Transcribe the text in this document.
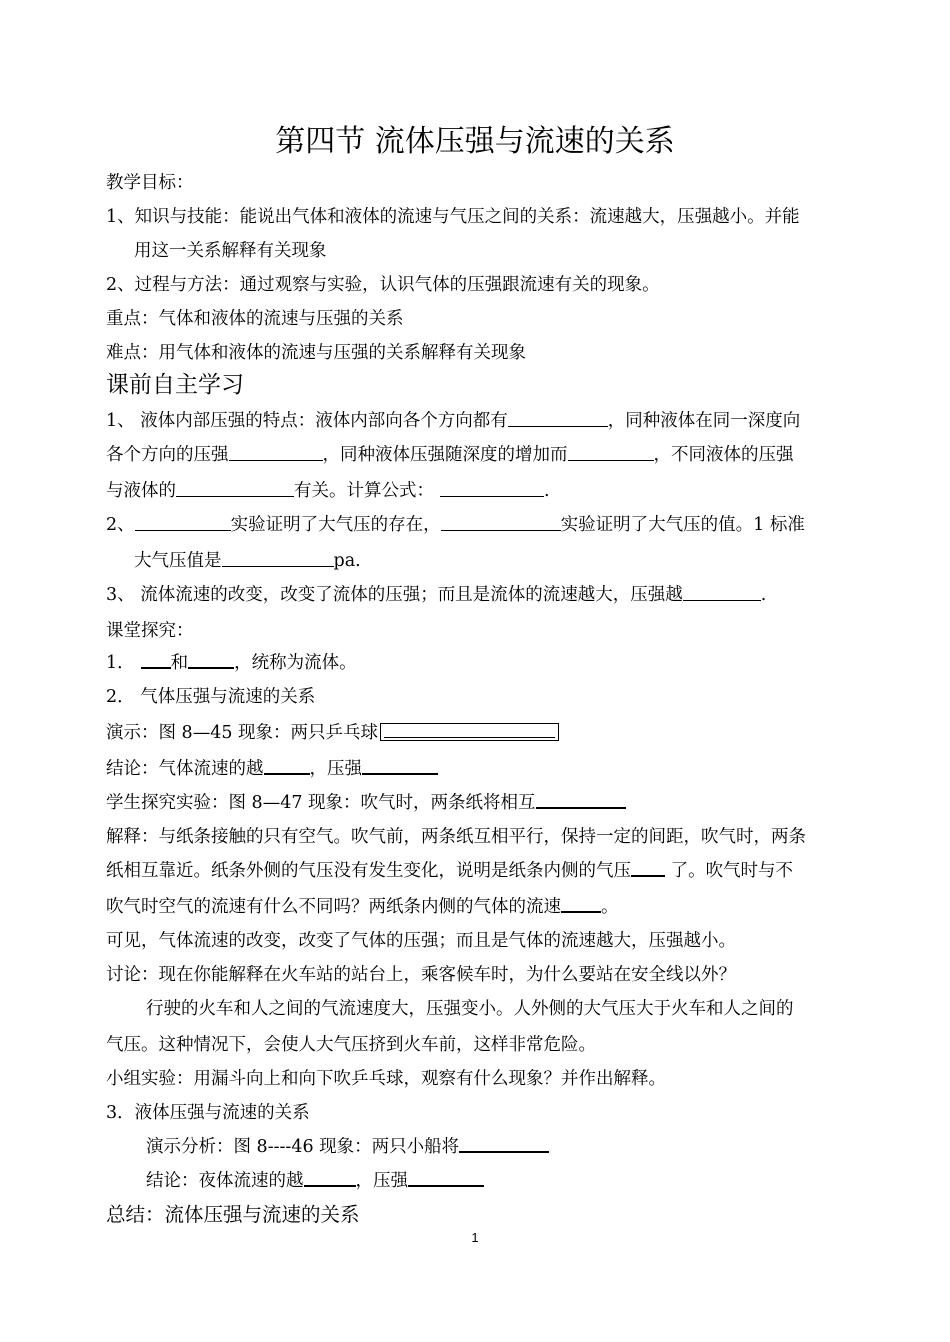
第四节 流体压强与流速的关系
教学目标：
1、知识与技能：能说出气体和液体的流速与气压之间的关系：流速越大，压强越小。并能
用这一关系解释有关现象
2、过程与方法：通过观察与实验，认识气体的压强跟流速有关的现象。
重点：气体和液体的流速与压强的关系
难点：用气体和液体的流速与压强的关系解释有关现象
课前自主学习
1、 液体内部压强的特点：液体内部向各个方向都有	，同种液体在同一深度向
各个方向的压强	，同种液体压强随深度的增加而	，不同液体的压强
与液体的	有关。计算公式：	.
2、	实验证明了大气压的存在，	实验证明了大气压的值。1 标准
大气压值是	pa.
3、 流体流速的改变，改变了流体的压强；而且是流体的流速越大，压强越	.
课堂探究：
1． 和	，统称为流体。
2． 气体压强与流速的关系
演示：图 8—45 现象：两只乒乓球
结论：气体流速的越	，压强
学生探究实验：图 8—47 现象：吹气时，两条纸将相互
解释：与纸条接触的只有空气。吹气前，两条纸互相平行，保持一定的间距，吹气时，两条
纸相互靠近。纸条外侧的气压没有发生变化，说明是纸条内侧的气压 了。吹气时与不
吹气时空气的流速有什么不同吗？两纸条内侧的气体的流速 。
可见，气体流速的改变，改变了气体的压强；而且是气体的流速越大，压强越小。
讨论：现在你能解释在火车站的站台上，乘客候车时，为什么要站在安全线以外？
行驶的火车和人之间的气流速度大，压强变小。人外侧的大气压大于火车和人之间的
气压。这种情况下，会使人大气压挤到火车前，这样非常危险。
小组实验：用漏斗向上和向下吹乒乓球，观察有什么现象？并作出解释。
3．液体压强与流速的关系
演示分析：图 8----46 现象：两只小船将
结论：夜体流速的越	，压强
总结：流体压强与流速的关系
1
